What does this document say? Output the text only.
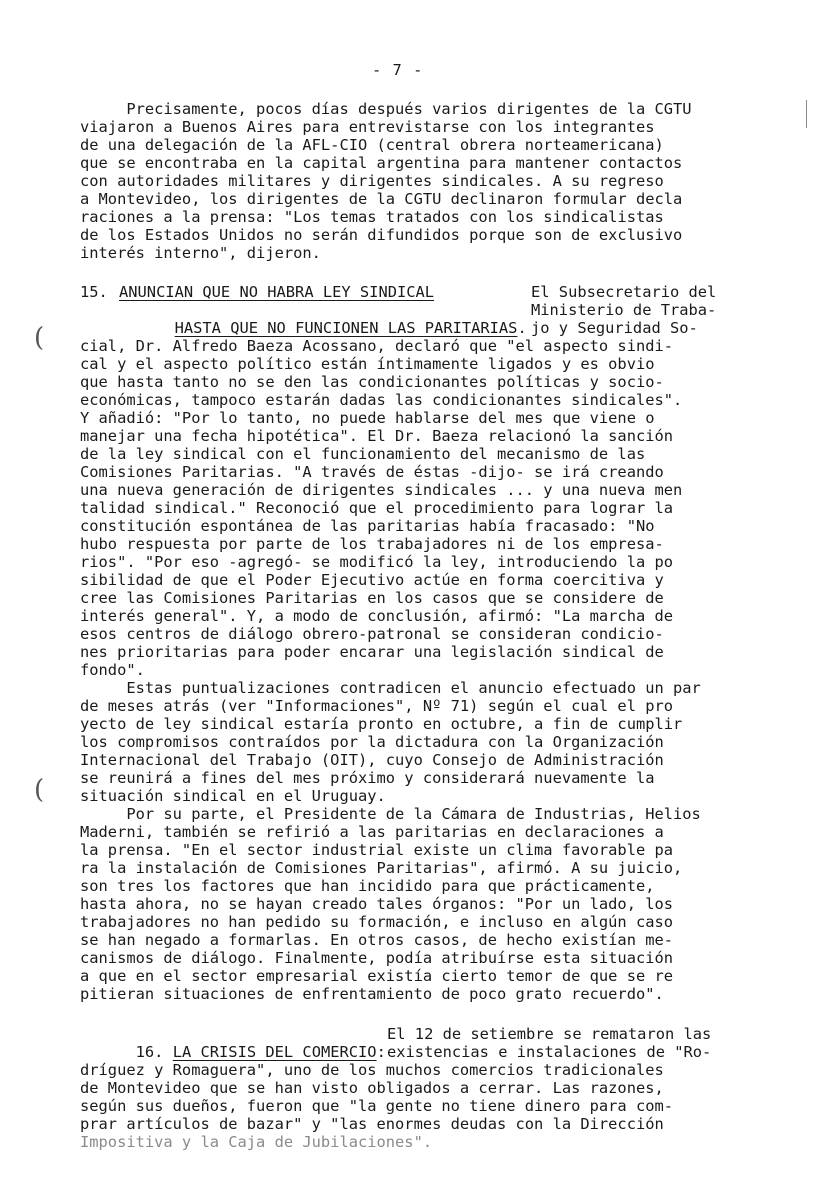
- 7 -
(
(
Precisamente, pocos días después varios dirigentes de la CGTU
viajaron a Buenos Aires para entrevistarse con los integrantes
de una delegación de la AFL-CIO (central obrera norteamericana)
que se encontraba en la capital argentina para mantener contactos
con autoridades militares y dirigentes sindicales. A su regreso
a Montevideo, los dirigentes de la CGTU declinaron formular decla
raciones a la prensa: "Los temas tratados con los sindicalistas
de los Estados Unidos no serán difundidos porque son de exclusivo
interés interno", dijeron.
15. ANUNCIAN QUE NO HABRA LEY SINDICAL

HASTA QUE NO FUNCIONEN LAS PARITARIAS.

El Subsecretario del
Ministerio de Traba-
jo y Seguridad So-
cial, Dr. Alfredo Baeza Acossano, declaró que "el aspecto sindi-
cal y el aspecto político están íntimamente ligados y es obvio
que hasta tanto no se den las condicionantes políticas y socio-
económicas, tampoco estarán dadas las condicionantes sindicales".
Y añadió: "Por lo tanto, no puede hablarse del mes que viene o
manejar una fecha hipotética". El Dr. Baeza relacionó la sanción
de la ley sindical con el funcionamiento del mecanismo de las
Comisiones Paritarias. "A través de éstas -dijo- se irá creando
una nueva generación de dirigentes sindicales ... y una nueva men
talidad sindical." Reconoció que el procedimiento para lograr la
constitución espontánea de las paritarias había fracasado: "No
hubo respuesta por parte de los trabajadores ni de los empresa-
rios". "Por eso -agregó- se modificó la ley, introduciendo la po
sibilidad de que el Poder Ejecutivo actúe en forma coercitiva y
cree las Comisiones Paritarias en los casos que se considere de
interés general". Y, a modo de conclusión, afirmó: "La marcha de
esos centros de diálogo obrero-patronal se consideran condicio-
nes prioritarias para poder encarar una legislación sindical de
fondo".
Estas puntualizaciones contradicen el anuncio efectuado un par
de meses atrás (ver "Informaciones", Nº 71) según el cual el pro
yecto de ley sindical estaría pronto en octubre, a fin de cumplir
los compromisos contraídos por la dictadura con la Organización
Internacional del Trabajo (OIT), cuyo Consejo de Administración
se reunirá a fines del mes próximo y considerará nuevamente la
situación sindical en el Uruguay.
Por su parte, el Presidente de la Cámara de Industrias, Helios
Maderni, también se refirió a las paritarias en declaraciones a
la prensa. "En el sector industrial existe un clima favorable pa
ra la instalación de Comisiones Paritarias", afirmó. A su juicio,
son tres los factores que han incidido para que prácticamente,
hasta ahora, no se hayan creado tales órganos: "Por un lado, los
trabajadores no han pedido su formación, e incluso en algún caso
se han negado a formarlas. En otros casos, de hecho existían me-
canismos de diálogo. Finalmente, podía atribuírse esta situación
a que en el sector empresarial existía cierto temor de que se re
pitieran situaciones de enfrentamiento de poco grato recuerdo".

16. LA CRISIS DEL COMERCIO:

El 12 de setiembre se remataron las
existencias e instalaciones de "Ro-
dríguez y Romaguera", uno de los muchos comercios tradicionales
de Montevideo que se han visto obligados a cerrar. Las razones,
según sus dueños, fueron que "la gente no tiene dinero para com-
prar artículos de bazar" y "las enormes deudas con la Dirección
Impositiva y la Caja de Jubilaciones".
